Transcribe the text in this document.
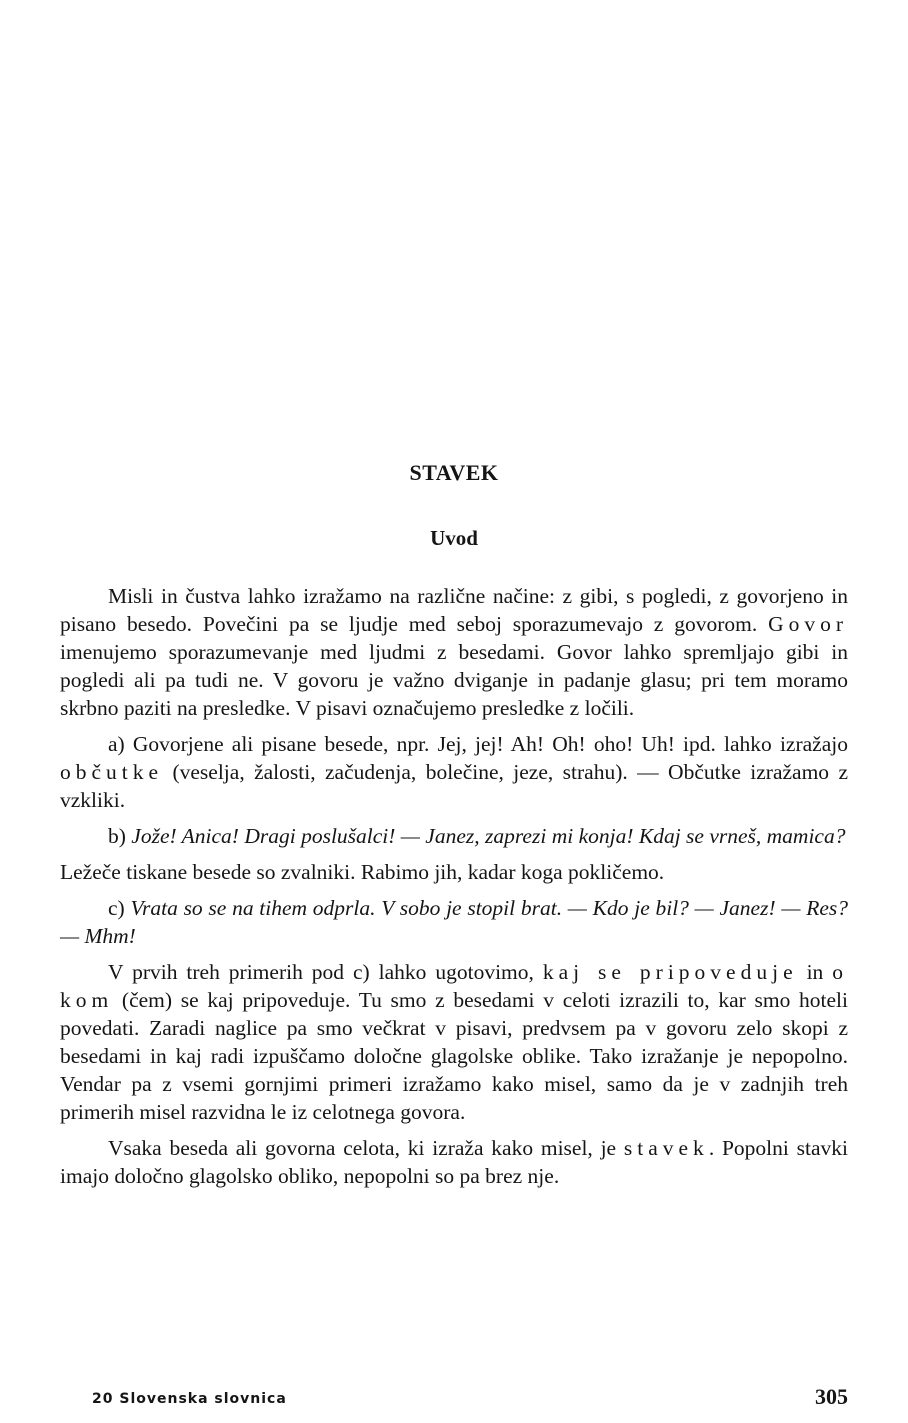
STAVEK
Uvod

Misli in čustva lahko izražamo na različne načine: z gibi, s pogledi, z govorjeno in pisano besedo. Povečini pa se ljudje med seboj sporazumevajo z govorom. Govor imenujemo sporazumevanje med ljudmi z besedami. Govor lahko spremljajo gibi in pogledi ali pa tudi ne. V govoru je važno dviganje in padanje glasu; pri tem moramo skrbno paziti na presledke. V pisavi označujemo presledke z ločili.

a) Govorjene ali pisane besede, npr. Jej, jej! Ah! Oh! oho! Uh! ipd. lahko izražajo občutke (veselja, žalosti, začudenja, bolečine, jeze, strahu). — Občutke izražamo z vzkliki.

b) Jože! Anica! Dragi poslušalci! — Janez, zaprezi mi konja! Kdaj se vrneš, mamica?

Ležeče tiskane besede so zvalniki. Rabimo jih, kadar koga pokličemo.

c) Vrata so se na tihem odprla. V sobo je stopil brat. — Kdo je bil? — Janez! — Res? — Mhm!

V prvih treh primerih pod c) lahko ugotovimo, kaj se pripoveduje in o kom (čem) se kaj pripoveduje. Tu smo z besedami v celoti izrazili to, kar smo hoteli povedati. Zaradi naglice pa smo večkrat v pisavi, predvsem pa v govoru zelo skopi z besedami in kaj radi izpuščamo določne glagolske oblike. Tako izražanje je nepopolno. Vendar pa z vsemi gornjimi primeri izražamo kako misel, samo da je v zadnjih treh primerih misel razvidna le iz celotnega govora.

Vsaka beseda ali govorna celota, ki izraža kako misel, je stavek. Popolni stavki imajo določno glagolsko obliko, nepopolni so pa brez nje.

20 Slovenska slovnica	305
